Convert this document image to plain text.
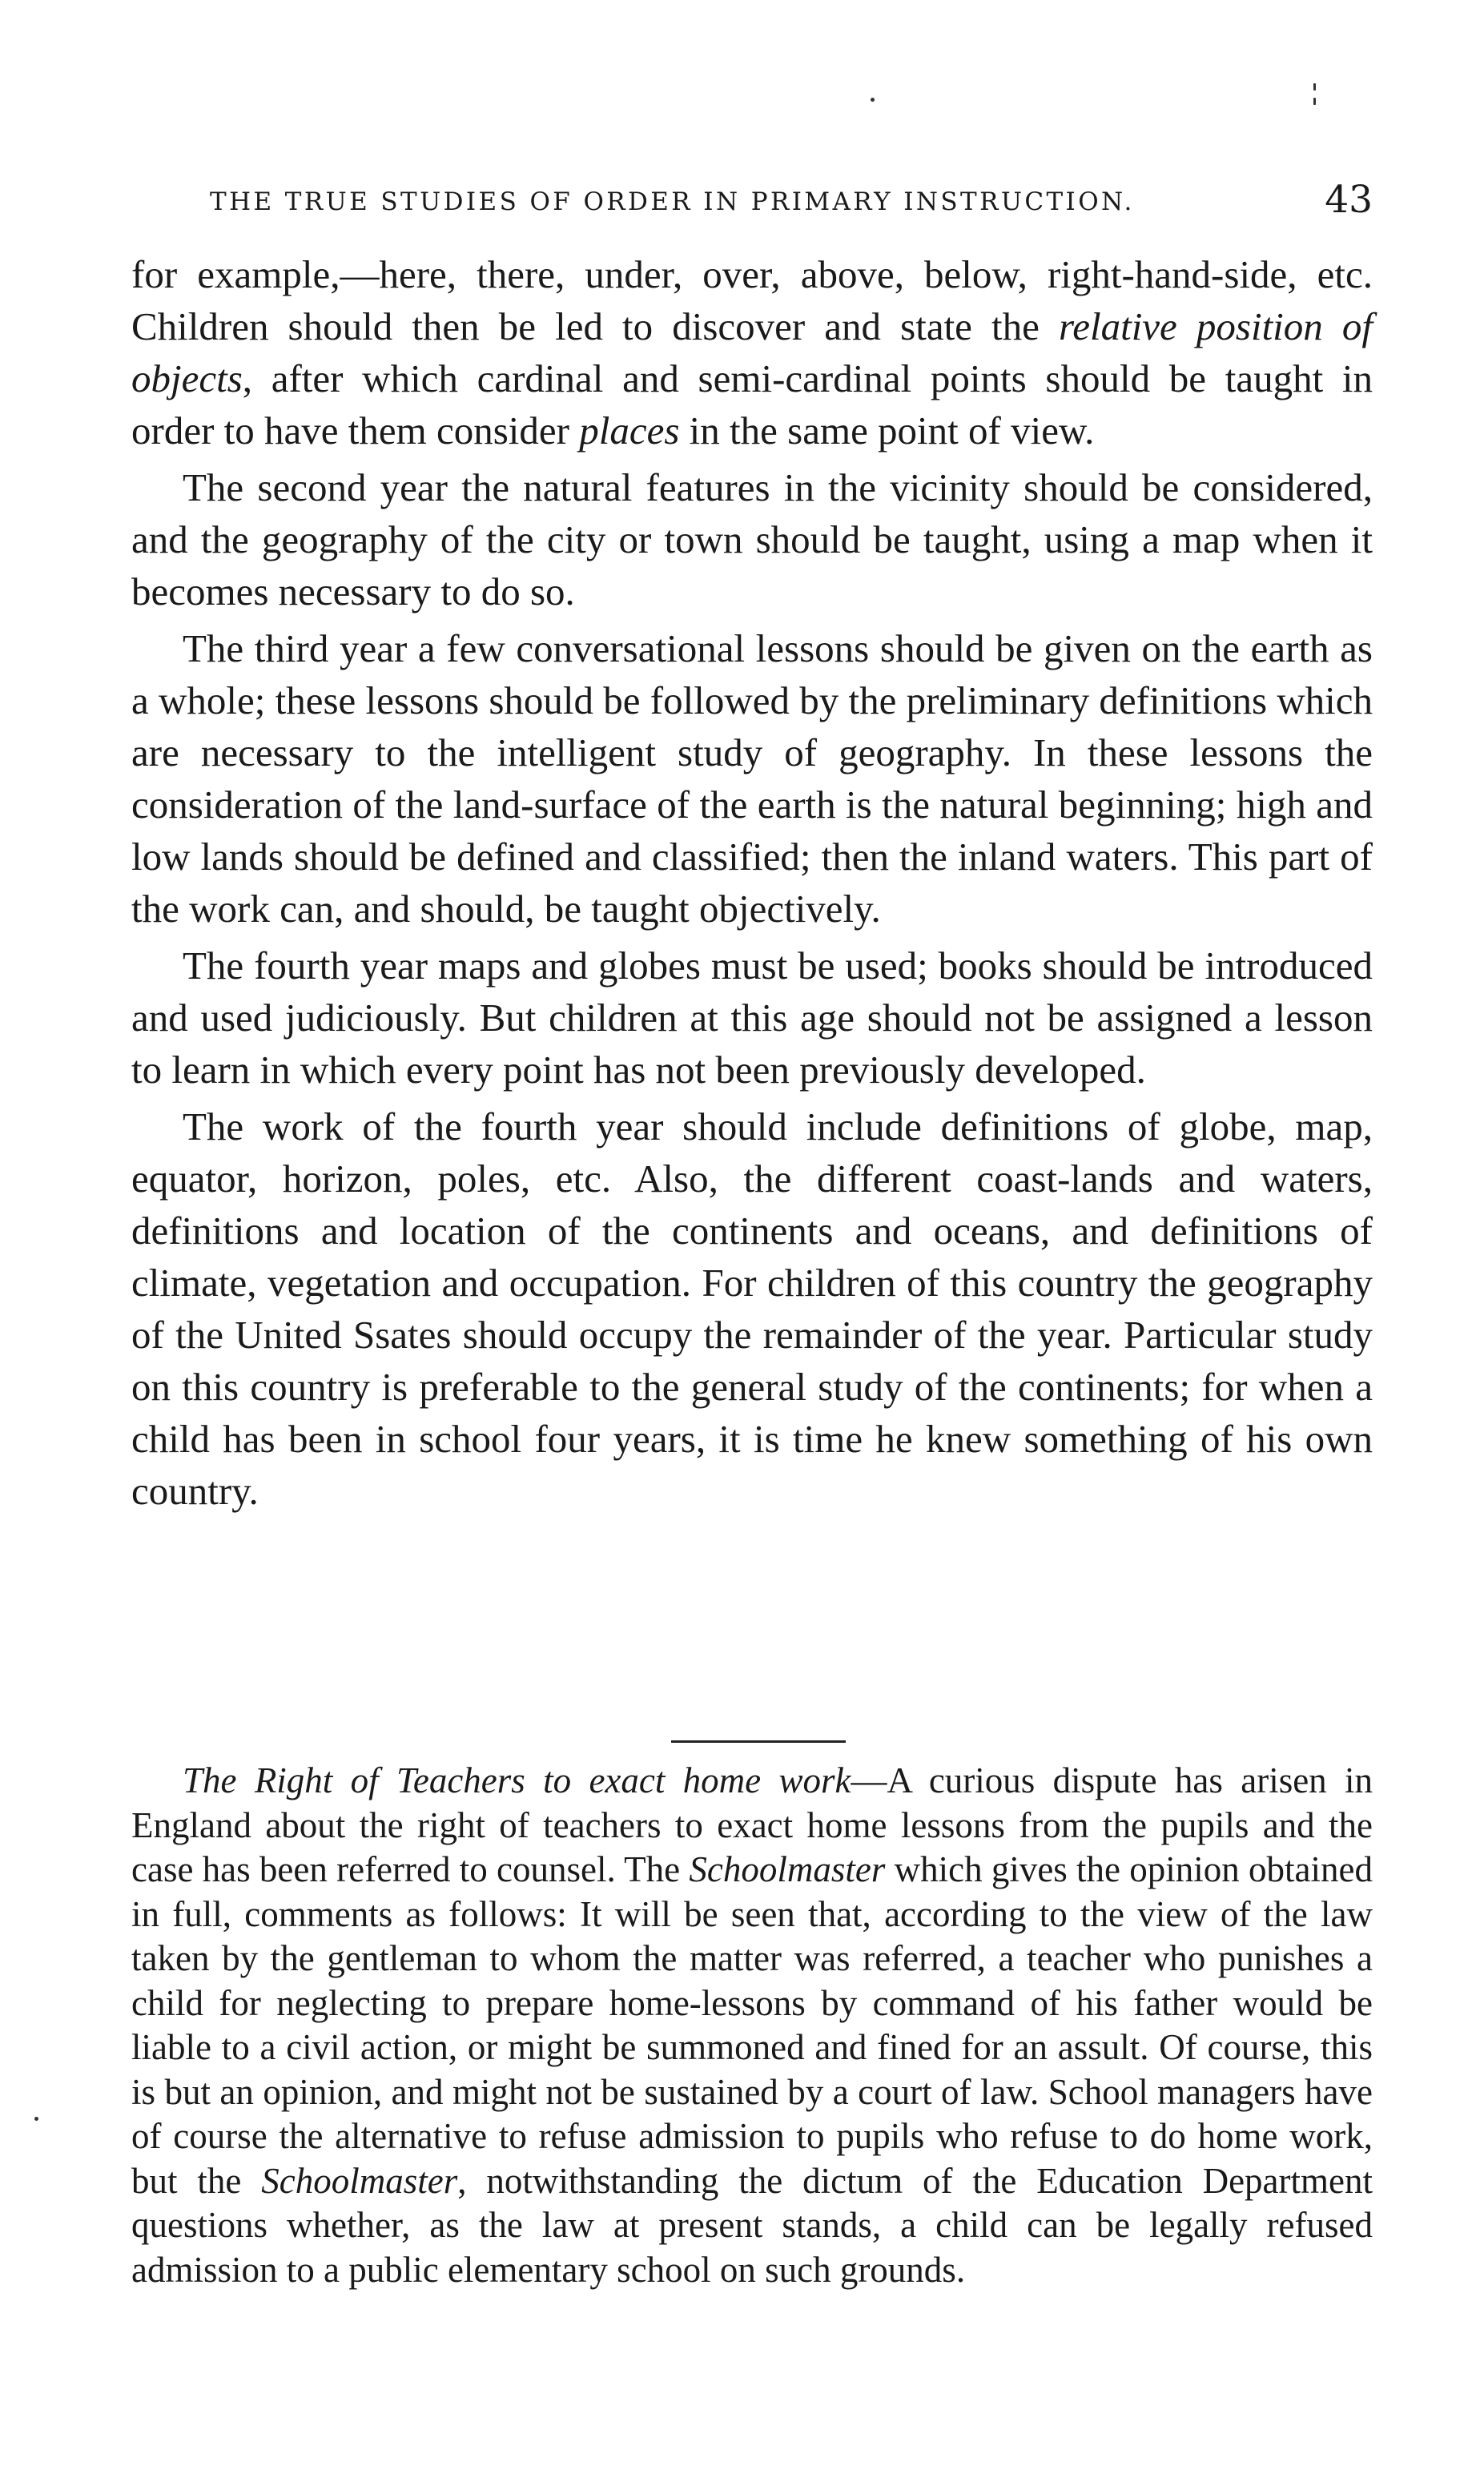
THE TRUE STUDIES OF ORDER IN PRIMARY INSTRUCTION.	43

for example,—here, there, under, over, above, below, right-hand-side, etc. Children should then be led to discover and state the relative position of objects, after which cardinal and semi-cardinal points should be taught in order to have them consider places in the same point of view.

The second year the natural features in the vicinity should be considered, and the geography of the city or town should be taught, using a map when it becomes necessary to do so.

The third year a few conversational lessons should be given on the earth as a whole; these lessons should be followed by the preliminary definitions which are necessary to the intelligent study of geography. In these lessons the consideration of the land-surface of the earth is the natural beginning; high and low lands should be defined and classified; then the inland waters. This part of the work can, and should, be taught objectively.

The fourth year maps and globes must be used; books should be introduced and used judiciously. But children at this age should not be assigned a lesson to learn in which every point has not been previously developed.

The work of the fourth year should include definitions of globe, map, equator, horizon, poles, etc. Also, the different coast-lands and waters, definitions and location of the continents and oceans, and definitions of climate, vegetation and occupation. For children of this country the geography of the United Ssates should occupy the remainder of the year. Particular study on this country is preferable to the general study of the continents; for when a child has been in school four years, it is time he knew something of his own country.

The Right of Teachers to exact home work—A curious dispute has arisen in England about the right of teachers to exact home lessons from the pupils and the case has been referred to counsel. The Schoolmaster which gives the opinion obtained in full, comments as follows: It will be seen that, according to the view of the law taken by the gentleman to whom the matter was referred, a teacher who punishes a child for neglecting to prepare home-lessons by command of his father would be liable to a civil action, or might be summoned and fined for an assult. Of course, this is but an opinion, and might not be sustained by a court of law. School managers have of course the alternative to refuse admission to pupils who refuse to do home work, but the Schoolmaster, notwithstanding the dictum of the Education Department questions whether, as the law at present stands, a child can be legally refused admission to a public elementary school on such grounds.
